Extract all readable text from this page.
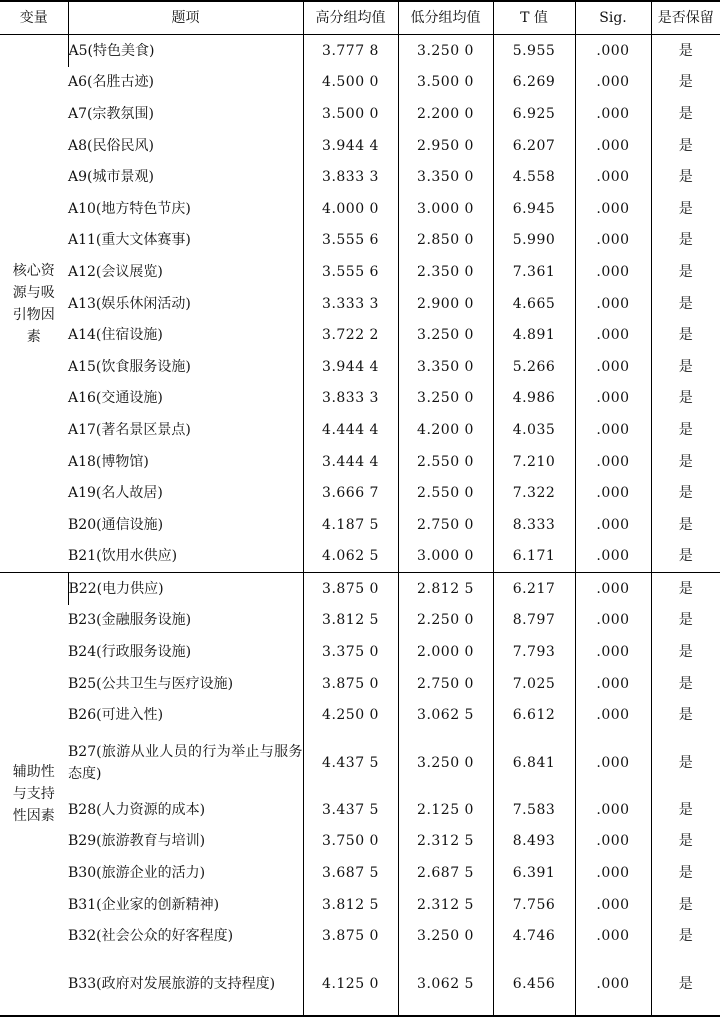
变量	题项	高分组均值	低分组均值	T 值	Sig.	是否保留
核心资
源与吸
引物因
素	A5(特色美食)	3.777 8	3.250 0	5.955	.000	是
	A6(名胜古迹)	4.500 0	3.500 0	6.269	.000	是
	A7(宗教氛围)	3.500 0	2.200 0	6.925	.000	是
	A8(民俗民风)	3.944 4	2.950 0	6.207	.000	是
	A9(城市景观)	3.833 3	3.350 0	4.558	.000	是
	A10(地方特色节庆)	4.000 0	3.000 0	6.945	.000	是
	A11(重大文体赛事)	3.555 6	2.850 0	5.990	.000	是
	A12(会议展览)	3.555 6	2.350 0	7.361	.000	是
	A13(娱乐休闲活动)	3.333 3	2.900 0	4.665	.000	是
	A14(住宿设施)	3.722 2	3.250 0	4.891	.000	是
	A15(饮食服务设施)	3.944 4	3.350 0	5.266	.000	是
	A16(交通设施)	3.833 3	3.250 0	4.986	.000	是
	A17(著名景区景点)	4.444 4	4.200 0	4.035	.000	是
	A18(博物馆)	3.444 4	2.550 0	7.210	.000	是
	A19(名人故居)	3.666 7	2.550 0	7.322	.000	是
	B20(通信设施)	4.187 5	2.750 0	8.333	.000	是
	B21(饮用水供应)	4.062 5	3.000 0	6.171	.000	是
辅助性
与支持
性因素	B22(电力供应)	3.875 0	2.812 5	6.217	.000	是
	B23(金融服务设施)	3.812 5	2.250 0	8.797	.000	是
	B24(行政服务设施)	3.375 0	2.000 0	7.793	.000	是
	B25(公共卫生与医疗设施)	3.875 0	2.750 0	7.025	.000	是
	B26(可进入性)	4.250 0	3.062 5	6.612	.000	是
	B27(旅游从业人员的行为举止与服务态度)	4.437 5	3.250 0	6.841	.000	是
	B28(人力资源的成本)	3.437 5	2.125 0	7.583	.000	是
	B29(旅游教育与培训)	3.750 0	2.312 5	8.493	.000	是
	B30(旅游企业的活力)	3.687 5	2.687 5	6.391	.000	是
	B31(企业家的创新精神)	3.812 5	2.312 5	7.756	.000	是
	B32(社会公众的好客程度)	3.875 0	3.250 0	4.746	.000	是
	B33(政府对发展旅游的支持程度)	4.125 0	3.062 5	6.456	.000	是
